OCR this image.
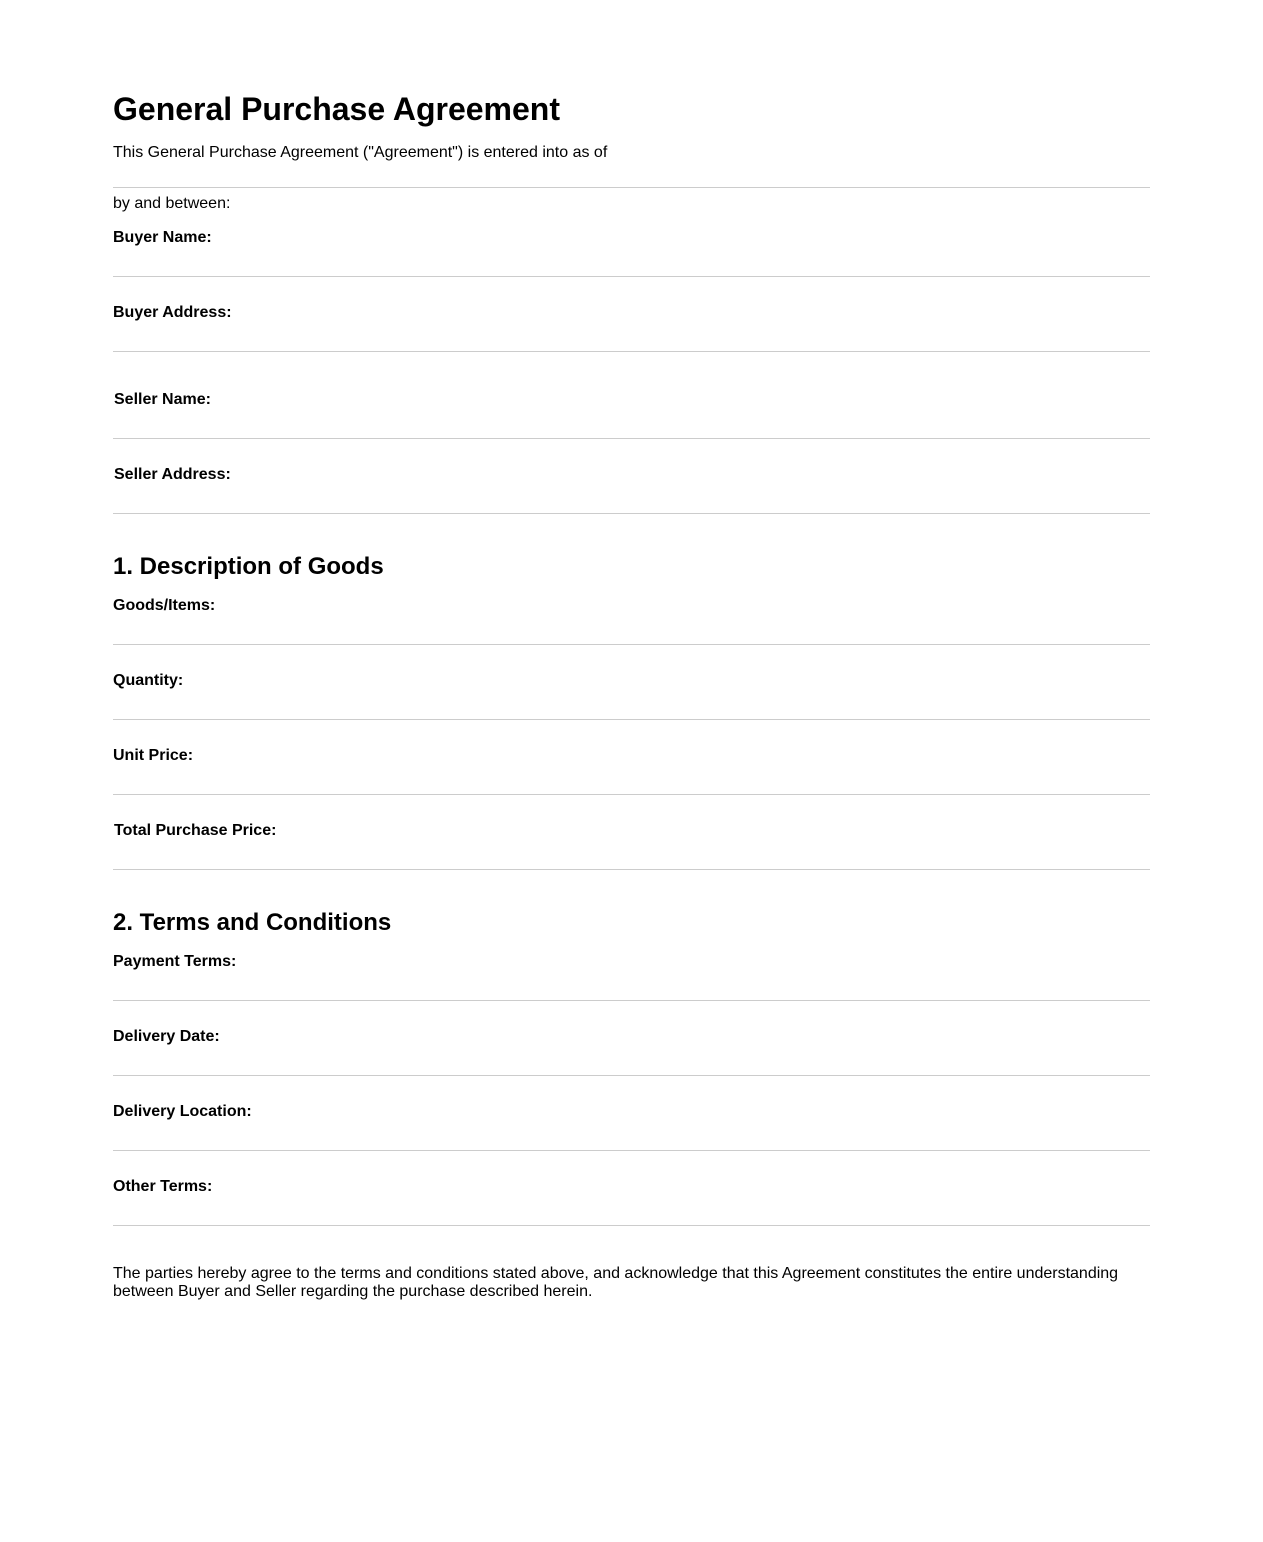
General Purchase Agreement
This General Purchase Agreement ("Agreement") is entered into as of
by and between:
Buyer Name:
Buyer Address:
Seller Name:
Seller Address:
1. Description of Goods
Goods/Items:
Quantity:
Unit Price:
Total Purchase Price:
2. Terms and Conditions
Payment Terms:
Delivery Date:
Delivery Location:
Other Terms:
The parties hereby agree to the terms and conditions stated above, and acknowledge that this Agreement constitutes the entire understanding between Buyer and Seller regarding the purchase described herein.
